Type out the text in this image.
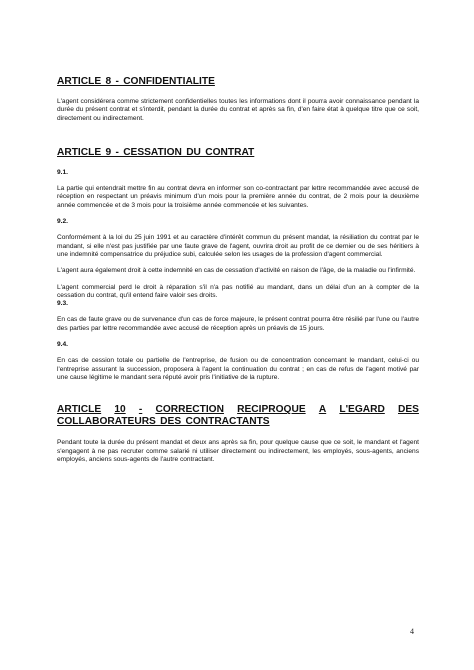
ARTICLE 8 - CONFIDENTIALITE

L'agent considérera comme strictement confidentielles toutes les informations dont il pourra avoir connaissance pendant la durée du présent contrat et s'interdit, pendant la durée du contrat et après sa fin, d'en faire état à quelque titre que ce soit, directement ou indirectement.

ARTICLE 9 - CESSATION DU CONTRAT

9.1.

La partie qui entendrait mettre fin au contrat devra en informer son co-contractant par lettre recommandée avec accusé de réception en respectant un préavis minimum d'un mois pour la première année du contrat, de 2 mois pour la deuxième année commencée et de 3 mois pour la troisième année commencée et les suivantes.

9.2.

Conformément à la loi du 25 juin 1991 et au caractère d'intérêt commun du présent mandat, la résiliation du contrat par le mandant, si elle n'est pas justifiée par une faute grave de l'agent, ouvrira droit au profit de ce dernier ou de ses héritiers à une indemnité compensatrice du préjudice subi, calculée selon les usages de la profession d'agent commercial.

L'agent aura également droit à cette indemnité en cas de cessation d'activité en raison de l'âge, de la maladie ou l'infirmité.

L'agent commercial perd le droit à réparation s'il n'a pas notifié au mandant, dans un délai d'un an à compter de la cessation du contrat, qu'il entend faire valoir ses droits.

9.3.

En cas de faute grave ou de survenance d'un cas de force majeure, le présent contrat pourra être résilié par l'une ou l'autre des parties par lettre recommandée avec accusé de réception après un préavis de 15 jours.

9.4.

En cas de cession totale ou partielle de l'entreprise, de fusion ou de concentration concernant le mandant, celui-ci ou l'entreprise assurant la succession, proposera à l'agent la continuation du contrat ; en cas de refus de l'agent motivé par une cause légitime le mandant sera réputé avoir pris l'initiative de la rupture.

ARTICLE 10 - CORRECTION RECIPROQUE A L'EGARD DES
COLLABORATEURS DES CONTRACTANTS

Pendant toute la durée du présent mandat et deux ans après sa fin, pour quelque cause que ce soit, le mandant et l'agent s'engagent à ne pas recruter comme salarié ni utiliser directement ou indirectement, les employés, sous-agents, anciens employés, anciens sous-agents de l'autre contractant.

4
